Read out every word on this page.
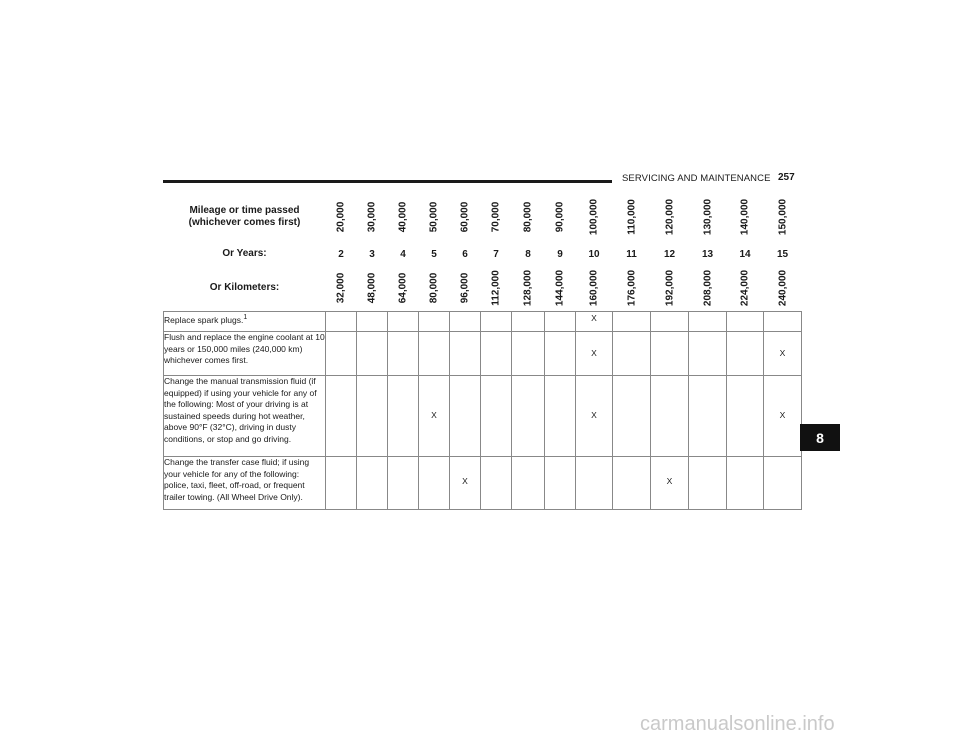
SERVICING AND MAINTENANCE 257
Mileage or time passed (whichever comes first)	20,000	30,000	40,000	50,000	60,000	70,000	80,000	90,000	100,000	110,000	120,000	130,000	140,000	150,000

Or Years:	2	3	4	5	6	7	8	9	10	11	12	13	14	15
Or Kilometers:	32,000	48,000	64,000	80,000	96,000	112,000	128,000	144,000	160,000	176,000	192,000	208,000	224,000	240,000

Replace spark plugs.$^1$									X					
Flush and replace the engine coolant at 10 years or 150,000 miles (240,000 km) whichever comes first.									X					X
Change the manual transmission fluid (if equipped) if using your vehicle for any of the following: Most of your driving is at sustained speeds during hot weather, above 90°F (32°C), driving in dusty conditions, or stop and go driving.				X					X					X
Change the transfer case fluid; if using your vehicle for any of the following: police, taxi, fleet, off-road, or frequent trailer towing. (All Wheel Drive Only).					X						X			
8
carmanualsonline.info
